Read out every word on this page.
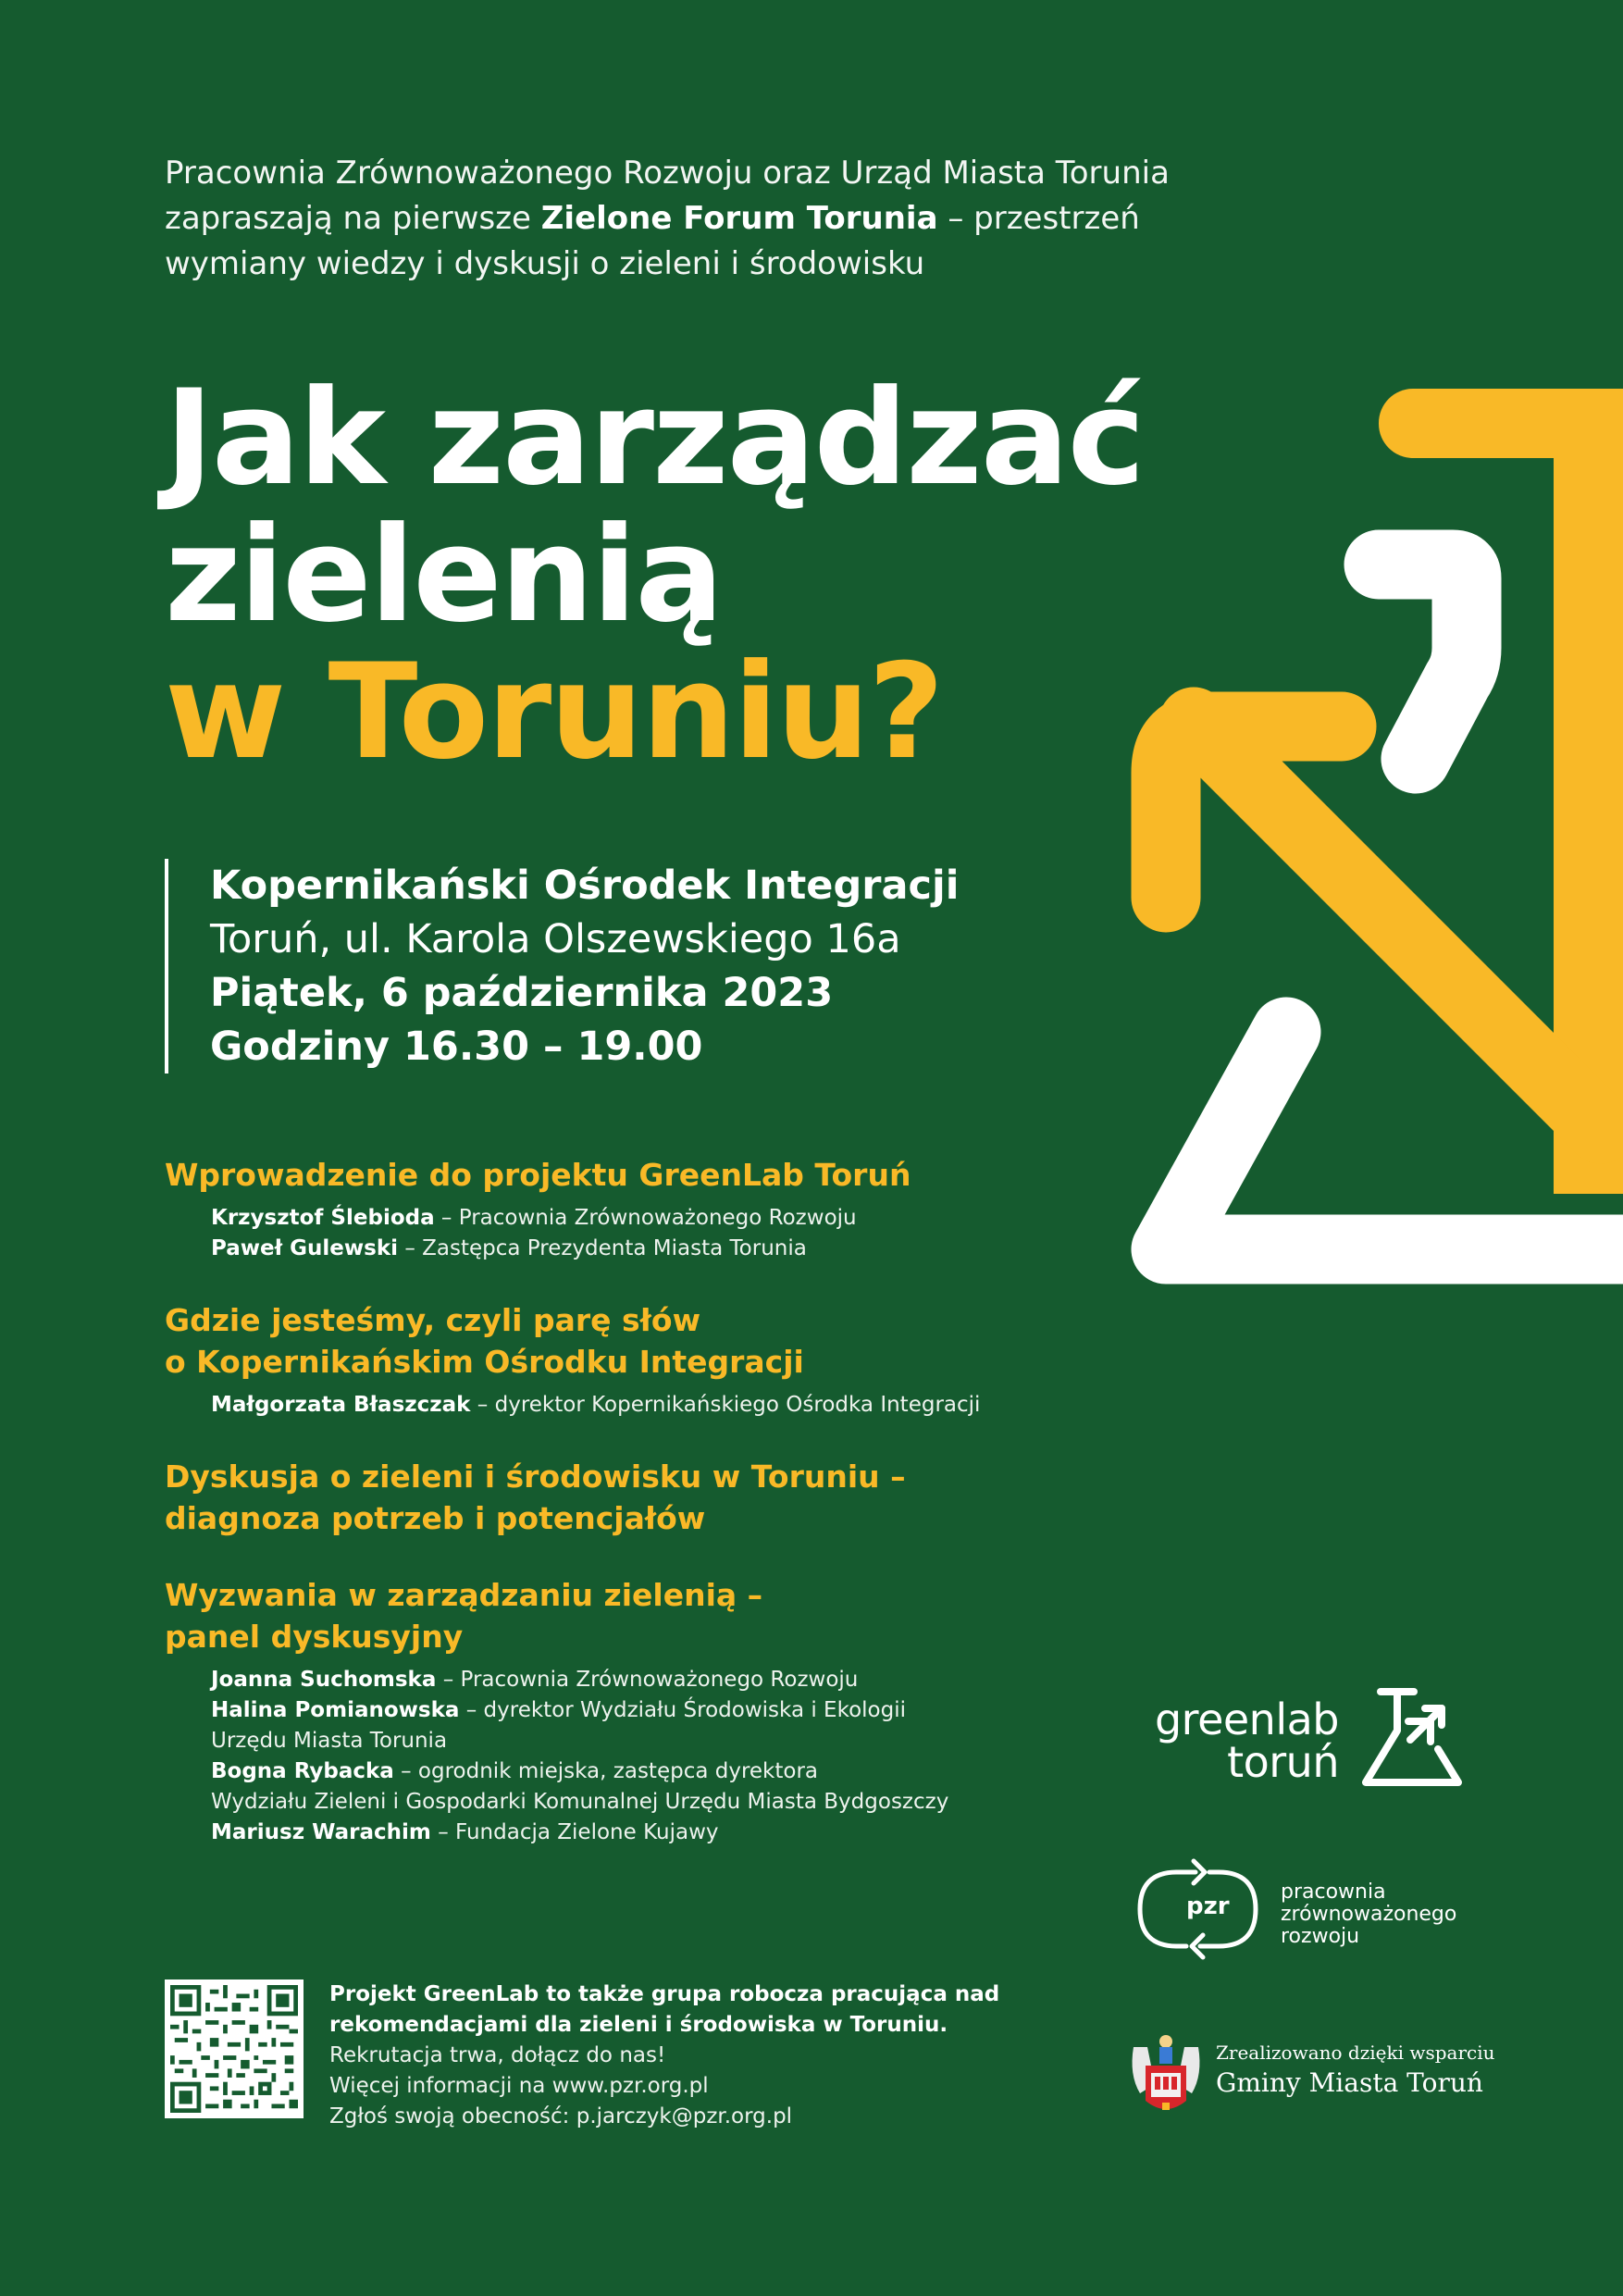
Pracownia Zrównoważonego Rozwoju oraz Urząd Miasta Torunia
zapraszają na pierwsze Zielone Forum Torunia – przestrzeń
wymiany wiedzy i dyskusji o zieleni i środowisku
Jak zarządzać
zielenią
w Toruniu?
Kopernikański Ośrodek Integracji
Toruń, ul. Karola Olszewskiego 16a
Piątek, 6 października 2023
Godziny 16.30 – 19.00
Wprowadzenie do projektu GreenLab Toruń
Krzysztof Ślebioda – Pracownia Zrównoważonego Rozwoju
Paweł Gulewski – Zastępca Prezydenta Miasta Torunia
Gdzie jesteśmy, czyli parę słów
o Kopernikańskim Ośrodku Integracji
Małgorzata Błaszczak – dyrektor Kopernikańskiego Ośrodka Integracji
Dyskusja o zieleni i środowisku w Toruniu –
diagnoza potrzeb i potencjałów
Wyzwania w zarządzaniu zielenią –
panel dyskusyjny
Joanna Suchomska – Pracownia Zrównoważonego Rozwoju
Halina Pomianowska – dyrektor Wydziału Środowiska i Ekologii
Urzędu Miasta Torunia
Bogna Rybacka – ogrodnik miejska, zastępca dyrektora
Wydziału Zieleni i Gospodarki Komunalnej Urzędu Miasta Bydgoszczy
Mariusz Warachim – Fundacja Zielone Kujawy
Projekt GreenLab to także grupa robocza pracująca nad
rekomendacjami dla zieleni i środowiska w Toruniu.
Rekrutacja trwa, dołącz do nas!
Więcej informacji na www.pzr.org.pl
Zgłoś swoją obecność: p.jarczyk@pzr.org.pl
greenlab
toruń
pzr
pracownia
zrównoważonego
rozwoju
Zrealizowano dzięki wsparciu
Gminy Miasta Toruń
